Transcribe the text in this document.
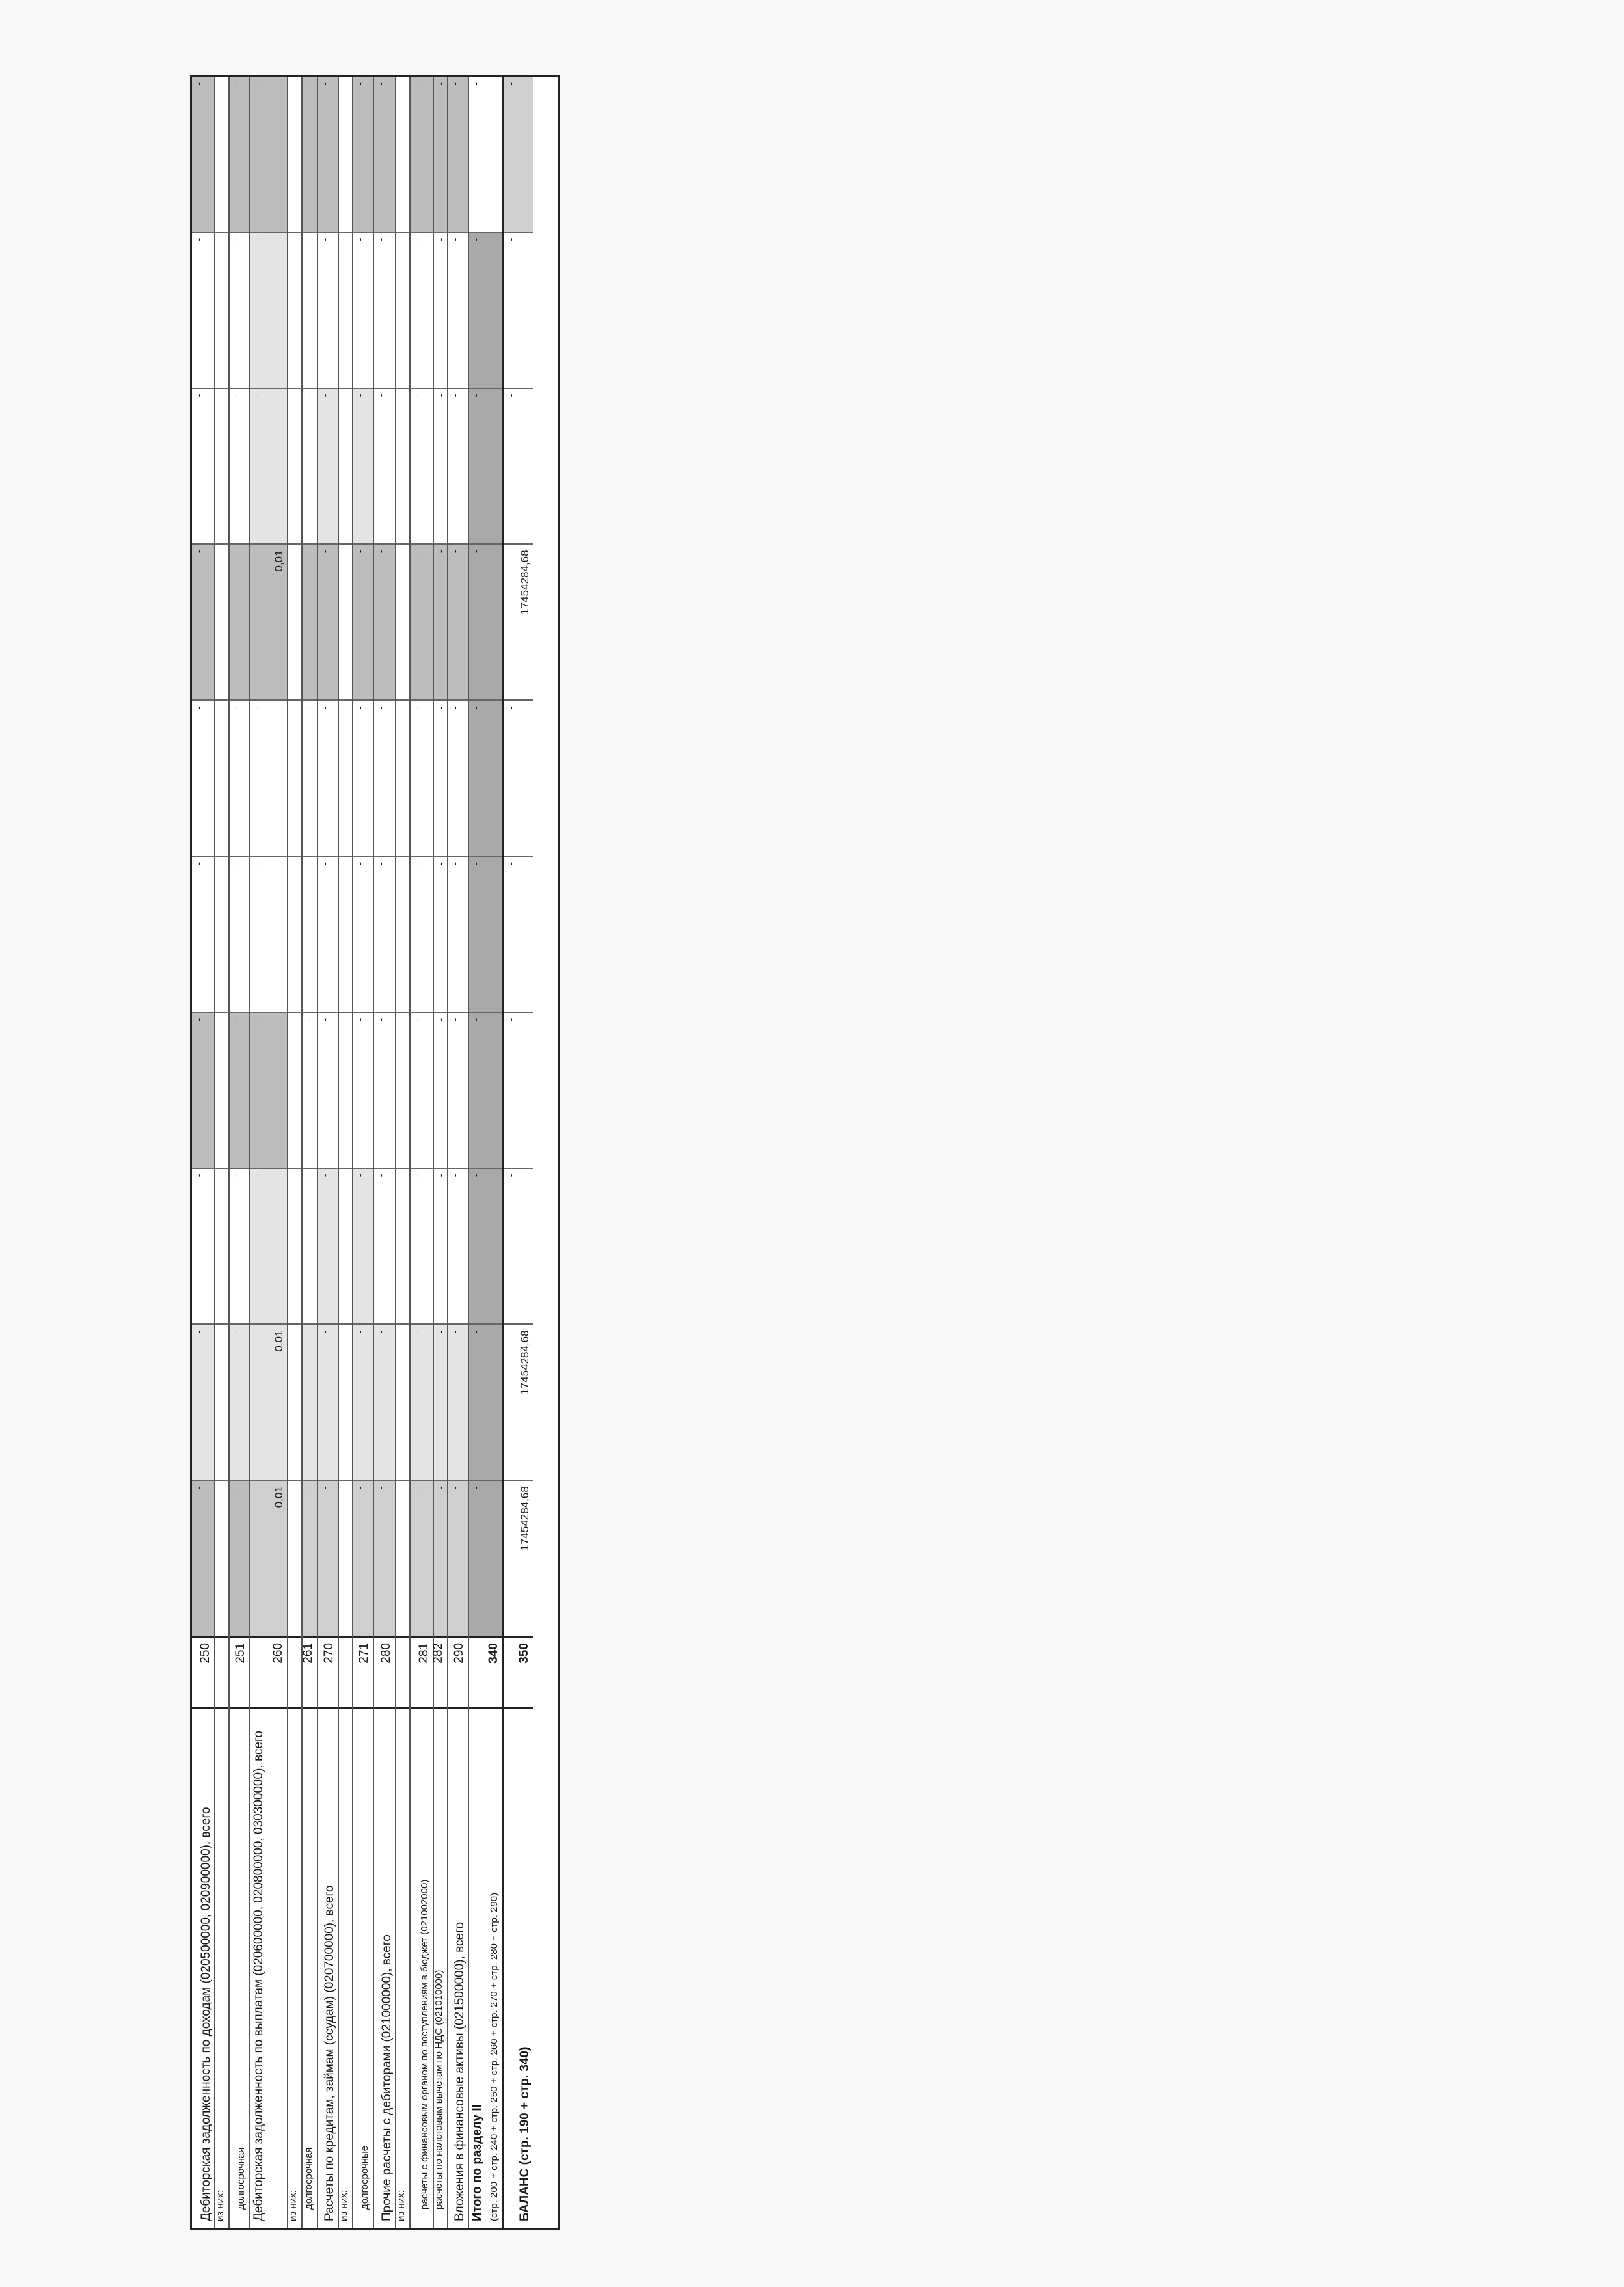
Дебиторская задолженность по доходам (020500000, 020900000), всего
250
-
-
-
-
-
-
-
-
-
-
из них: долгосрочная
251
-
-
-
-
-
-
-
-
-
-
Дебиторская задолженность по выплатам (020600000, 020800000, 030300000), всего
260
0,01
0,01
-
-
-
-
0,01
-
-
-
из них: долгосрочная
261
-
-
-
-
-
-
-
-
-
-
Расчеты по кредитам, займам (ссудам) (020700000), всего
270
-
-
-
-
-
-
-
-
-
-
из них: долгосрочные
271
-
-
-
-
-
-
-
-
-
-
Прочие расчеты с дебиторами (021000000), всего
280
-
-
-
-
-
-
-
-
-
-
из них: расчеты с финансовым органом по поступлениям в бюджет (021002000)
281
-
-
-
-
-
-
-
-
-
-
расчеты по налоговым вычетам по НДС (021010000)
282
-
-
-
-
-
-
-
-
-
-
Вложения в финансовые активы (021500000), всего
290
-
-
-
-
-
-
-
-
-
-
Итого по разделу II (стр. 200 + стр. 240 + стр. 250 + стр. 260 + стр. 270 + стр. 280 + стр. 290)
340
-
-
-
-
-
-
-
-
-
-
БАЛАНС (стр. 190 + стр. 340)
350
17454284,68
17454284,68
-
-
-
-
17454284,68
-
-
-
